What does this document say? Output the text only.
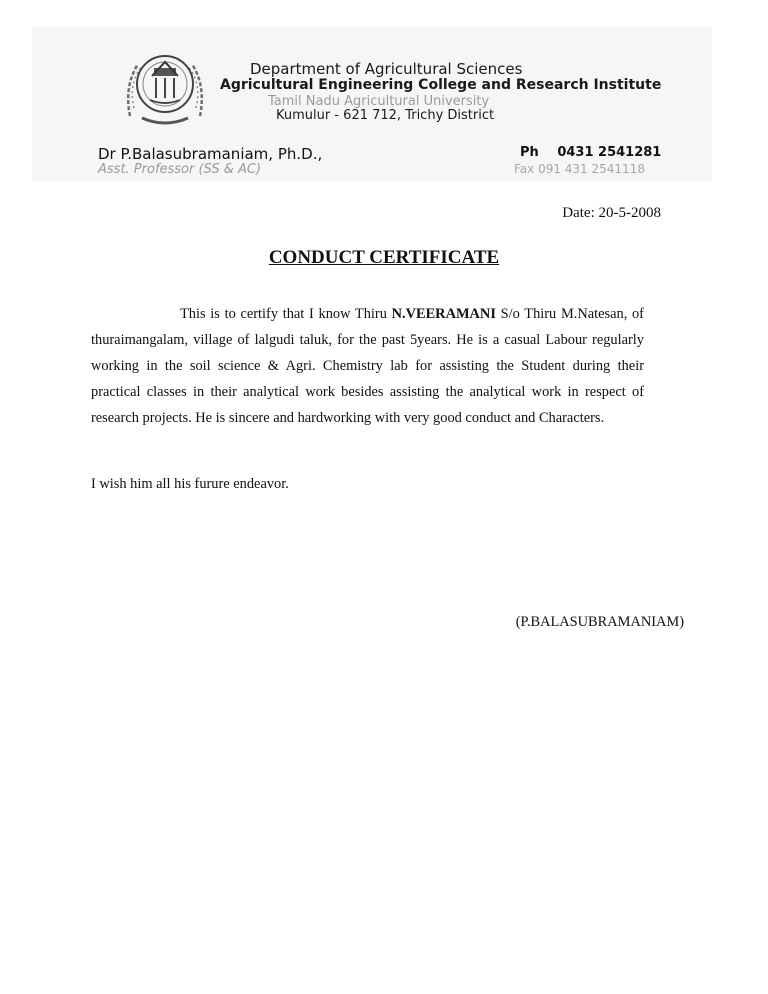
Department of Agricultural Sciences
Agricultural Engineering College and Research Institute
Tamil Nadu Agricultural University
Kumulur - 621 712, Trichy District
Dr P.Balasubramaniam, Ph.D.,
Asst. Professor (SS & AC)
Ph 0431 2541281
Fax 091 431 2541118
Date: 20-5-2008
CONDUCT CERTIFICATE

This is to certify that I know Thiru N.VEERAMANI S/o Thiru M.Natesan, of thuraimangalam, village of lalgudi taluk, for the past 5years. He is a casual Labour regularly working in the soil science & Agri. Chemistry lab for assisting the Student during their practical classes in their analytical work besides assisting the analytical work in respect of research projects. He is sincere and hardworking with very good conduct and Characters.

I wish him all his furure endeavor.
(P.BALASUBRAMANIAM)
